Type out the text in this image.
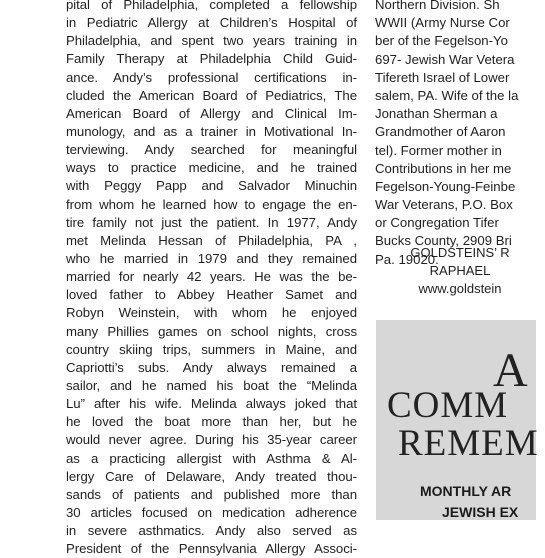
pital of Philadelphia, completed a fellowship
in Pediatric Allergy at Children’s Hospital of
Philadelphia, and spent two years training in
Family Therapy at Philadelphia Child Guid-
ance. Andy’s professional certifications in-
cluded the American Board of Pediatrics, The
American Board of Allergy and Clinical Im-
munology, and as a trainer in Motivational In-
terviewing. Andy searched for meaningful
ways to practice medicine, and he trained
with Peggy Papp and Salvador Minuchin
from whom he learned how to engage the en-
tire family not just the patient. In 1977, Andy
met Melinda Hessan of Philadelphia, PA ,
who he married in 1979 and they remained
married for nearly 42 years. He was the be-
loved father to Abbey Heather Samet and
Robyn Weinstein, with whom he enjoyed
many Phillies games on school nights, cross
country skiing trips, summers in Maine, and
Capriotti’s subs. Andy always remained a
sailor, and he named his boat the “Melinda
Lu” after his wife. Melinda always joked that
he loved the boat more than her, but he
would never agree. During his 35-year career
as a practicing allergist with Asthma & Al-
lergy Care of Delaware, Andy treated thou-
sands of patients and published more than
30 articles focused on medication adherence
in severe asthmatics. Andy also served as
President of the Pennsylvania Allergy Associ-
Northern Division. Sh
WWII (Army Nurse Cor
ber of the Fegelson-Yo
697- Jewish War Vetera
Tifereth Israel of Lower
salem, PA. Wife of the la
Jonathan Sherman a
Grandmother of Aaron
tel). Former mother in
Contributions in her me
Fegelson-Young-Feinbe
War Veterans, P.O. Box
or Congregation Tifer
Bucks County, 2909 Bri
Pa. 19020.
GOLDSTEINS’ R
RAPHAEL
www.goldstein
A
COMM
REMEM
MONTHLY AR
JEWISH EX
